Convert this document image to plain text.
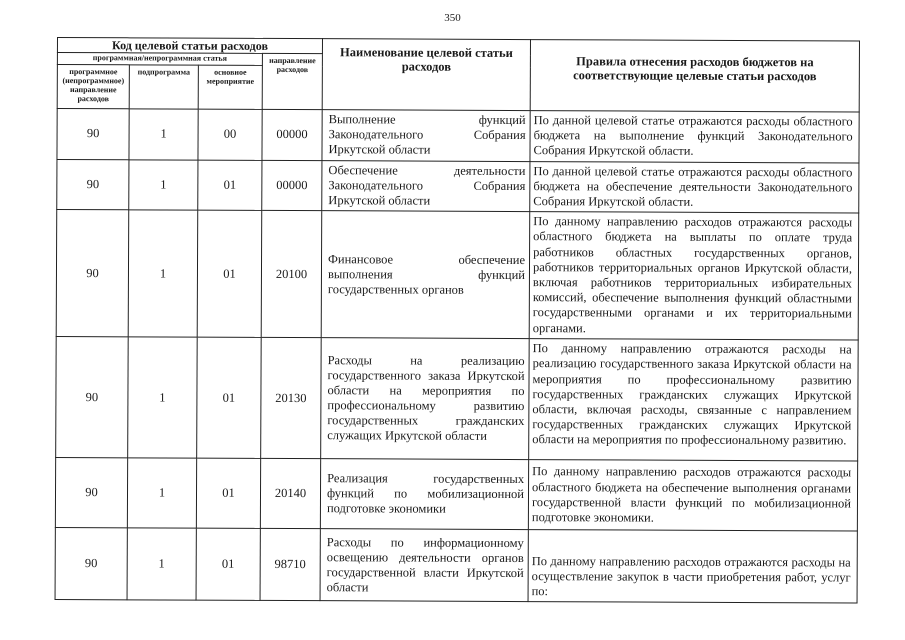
350
Код целевой статьи расходов				Наименование целевой статьи расходов	Правила отнесения расходов бюджетов на соответствующие целевые статьи расходов
программная/непрограммная статья			направление расходов		
программное (непрограммное) направление расходов	подпрограмма	основное мероприятие			
90	1	00	00000	Выполнение функций Законодательного Собрания Иркутской области	По данной целевой статье отражаются расходы областного бюджета на выполнение функций Законодательного Собрания Иркутской области.
90	1	01	00000	Обеспечение деятельности Законодательного Собрания Иркутской области	По данной целевой статье отражаются расходы областного бюджета на обеспечение деятельности Законодательного Собрания Иркутской области.
90	1	01	20100	Финансовое обеспечение выполнения функций государственных органов	По данному направлению расходов отражаются расходы областного бюджета на выплаты по оплате труда работников областных государственных органов, работников территориальных органов Иркутской области, включая работников территориальных избирательных комиссий, обеспечение выполнения функций областными государственными органами и их территориальными органами.
90	1	01	20130	Расходы на реализацию государственного заказа Иркутской области на мероприятия по профессиональному развитию государственных гражданских служащих Иркутской области	По данному направлению отражаются расходы на реализацию государственного заказа Иркутской области на мероприятия по профессиональному развитию государственных гражданских служащих Иркутской области, включая расходы, связанные с направлением государственных гражданских служащих Иркутской области на мероприятия по профессиональному развитию.
90	1	01	20140	Реализация государственных функций по мобилизационной подготовке экономики	По данному направлению расходов отражаются расходы областного бюджета на обеспечение выполнения органами государственной власти функций по мобилизационной подготовке экономики.
90	1	01	98710	Расходы по информационному освещению деятельности органов государственной власти Иркутской области	По данному направлению расходов отражаются расходы на осуществление закупок в части приобретения работ, услуг по:
